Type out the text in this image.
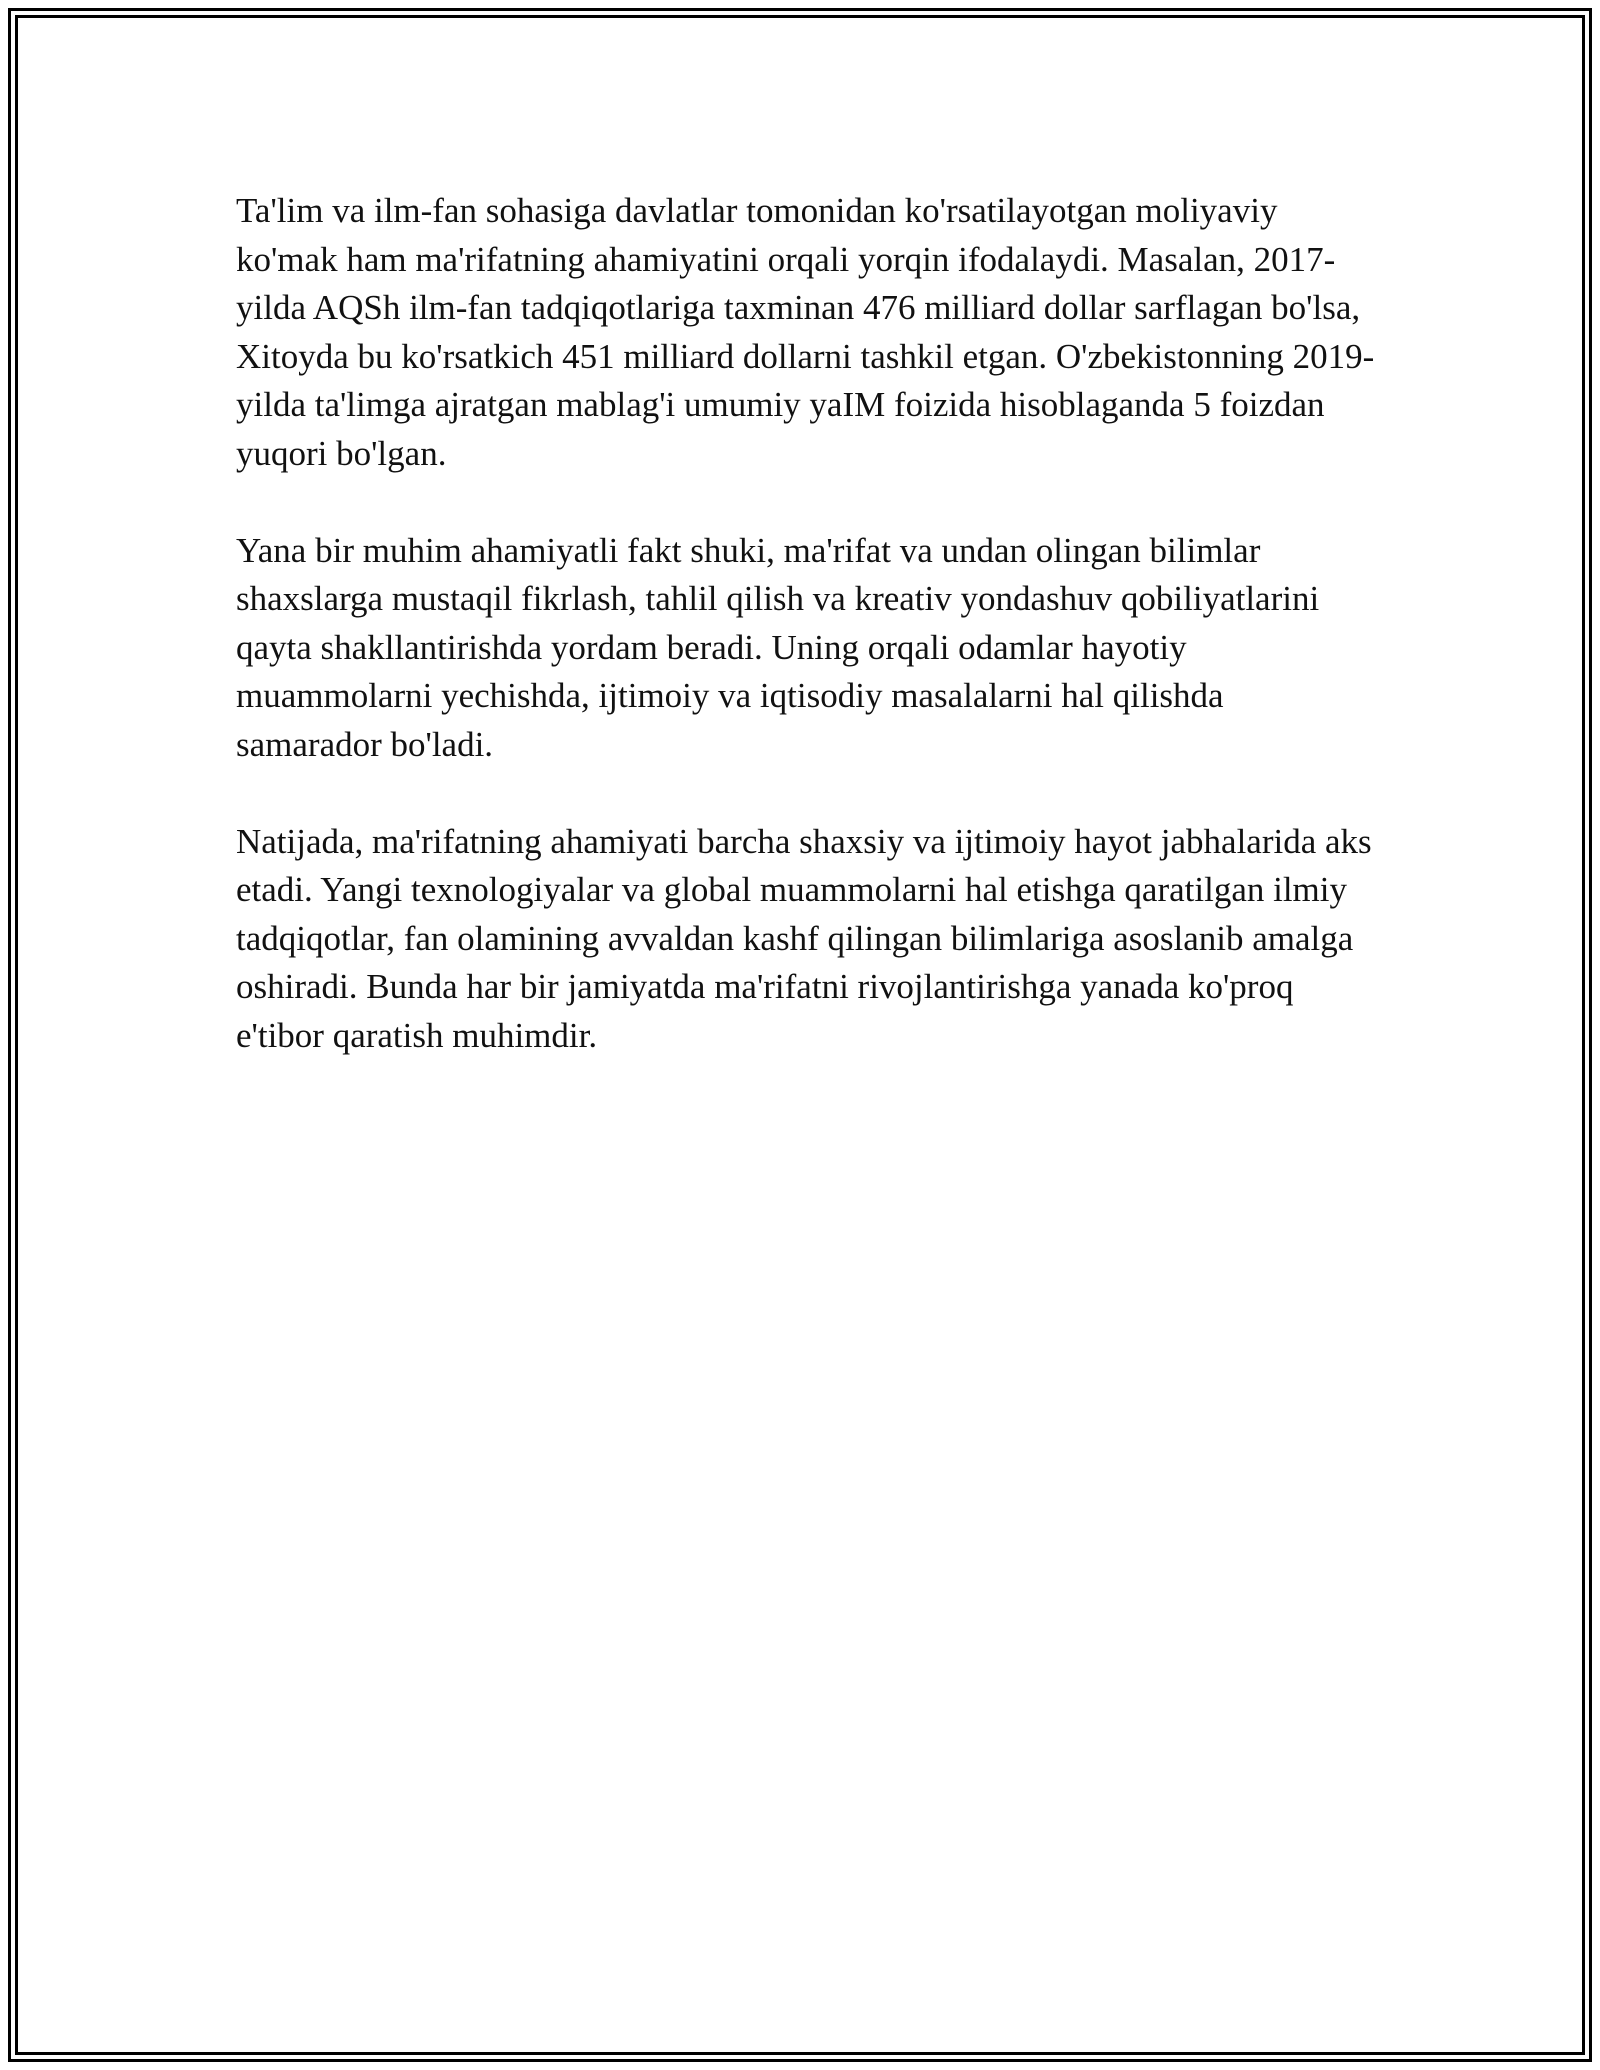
Ta'lim va ilm-fan sohasiga davlatlar tomonidan ko'rsatilayotgan moliyaviy ko'mak ham ma'rifatning ahamiyatini orqali yorqin ifodalaydi. Masalan, 2017-yilda AQSh ilm-fan tadqiqotlariga taxminan 476 milliard dollar sarflagan bo'lsa, Xitoyda bu ko'rsatkich 451 milliard dollarni tashkil etgan. O'zbekistonning 2019-yilda ta'limga ajratgan mablag'i umumiy yaIM foizida hisoblaganda 5 foizdan yuqori bo'lgan.

Yana bir muhim ahamiyatli fakt shuki, ma'rifat va undan olingan bilimlar shaxslarga mustaqil fikrlash, tahlil qilish va kreativ yondashuv qobiliyatlarini qayta shakllantirishda yordam beradi. Uning orqali odamlar hayotiy muammolarni yechishda, ijtimoiy va iqtisodiy masalalarni hal qilishda samarador bo'ladi.

Natijada, ma'rifatning ahamiyati barcha shaxsiy va ijtimoiy hayot jabhalarida aks etadi. Yangi texnologiyalar va global muammolarni hal etishga qaratilgan ilmiy tadqiqotlar, fan olamining avvaldan kashf qilingan bilimlariga asoslanib amalga oshiradi. Bunda har bir jamiyatda ma'rifatni rivojlantirishga yanada ko'proq e'tibor qaratish muhimdir.
